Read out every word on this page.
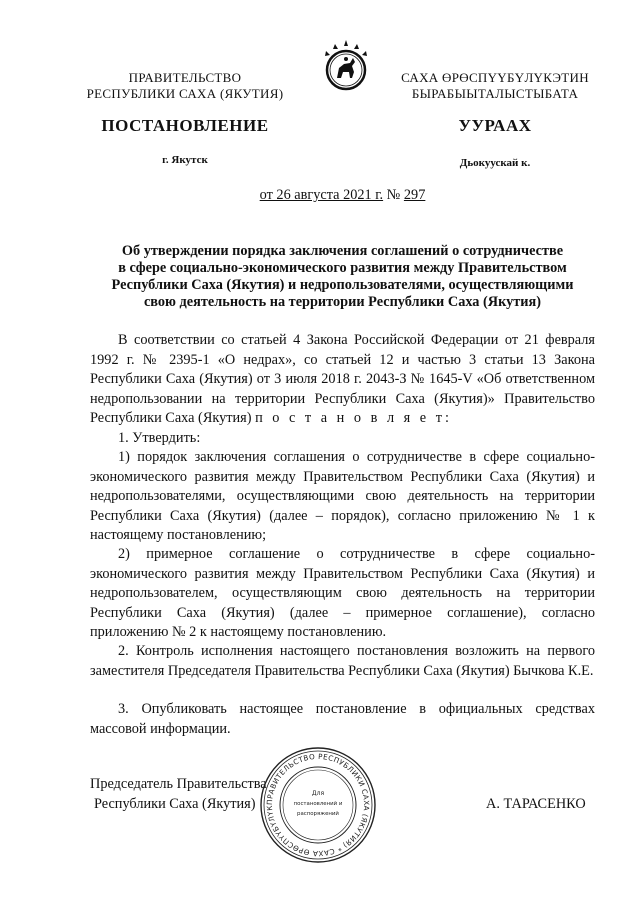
ПРАВИТЕЛЬСТВО
РЕСПУБЛИКИ САХА (ЯКУТИЯ)
САХА ӨРӨСПҮҮБҮЛҮКЭТИН
БЫРАБЫЫТАЛЫСТЫБАТА
ПОСТАНОВЛЕНИЕ	УУРААХ
г. Якутск	Дьокуускай к.
от 26 августа 2021 г. № 297
Об утверждении порядка заключения соглашений о сотрудничестве
в сфере социально-экономического развития между Правительством
Республики Саха (Якутия) и недропользователями, осуществляющими
свою деятельность на территории Республики Саха (Якутия)
В соответствии со статьей 4 Закона Российской Федерации от 21 февраля 1992 г. № 2395-1 «О недрах», со статьей 12 и частью 3 статьи 13 Закона Республики Саха (Якутия) от 3 июля 2018 г. 2043-З № 1645-V «Об ответственном недропользовании на территории Республики Саха (Якутия)» Правительство Республики Саха (Якутия) п о с т а н о в л я е т:
1. Утвердить:
1) порядок заключения соглашения о сотрудничестве в сфере социально-экономического развития между Правительством Республики Саха (Якутия) и недропользователями, осуществляющими свою деятельность на территории Республики Саха (Якутия) (далее – порядок), согласно приложению № 1 к настоящему постановлению;
2) примерное соглашение о сотрудничестве в сфере социально-экономического развития между Правительством Республики Саха (Якутия) и недропользователем, осуществляющим свою деятельность на территории Республики Саха (Якутия) (далее – примерное соглашение), согласно приложению № 2 к настоящему постановлению.
2. Контроль исполнения настоящего постановления возложить на первого заместителя Председателя Правительства Республики Саха (Якутия) Бычкова К.Е.
3. Опубликовать настоящее постановление в официальных средствах массовой информации.
Председатель Правительства
Республики Саха (Якутия)	А. ТАРАСЕНКО
ПРАВИТЕЛЬСТВО РЕСПУБЛИКИ САХА (ЯКУТИЯ) * САХА ӨРӨСПҮҮБҮЛҮК
Для
постановлений и
распоряжений
